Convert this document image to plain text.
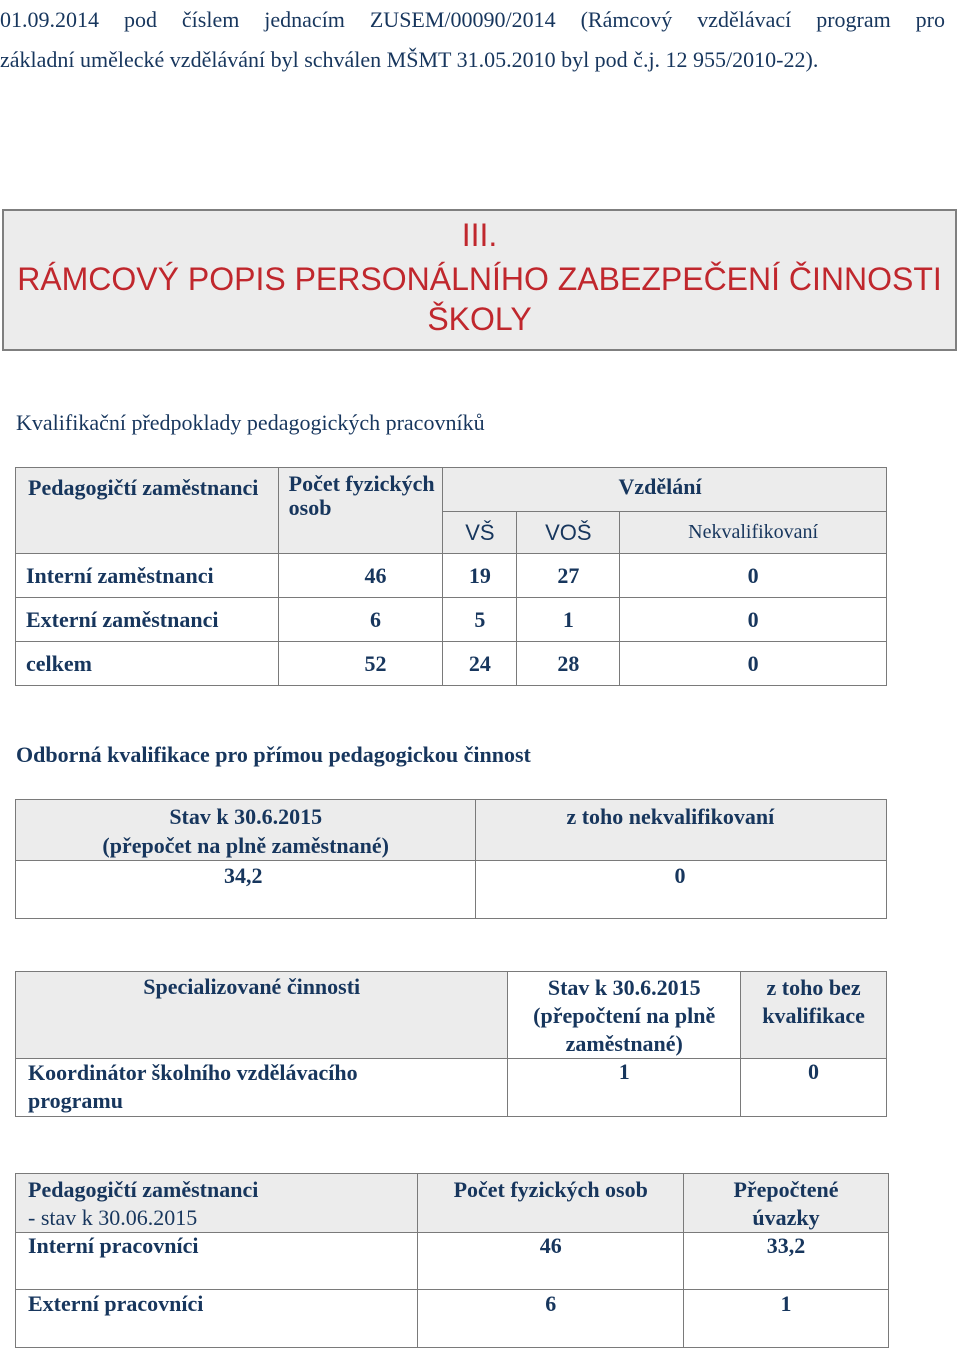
01.09.2014 pod číslem jednacím ZUSEM/00090/2014 (Rámcový vzdělávací program pro
základní umělecké vzdělávání byl schválen MŠMT 31.05.2010 byl pod č.j. 12 955/2010-22).
III.
RÁMCOVÝ POPIS PERSONÁLNÍHO ZABEZPEČENÍ ČINNOSTI
ŠKOLY
Kvalifikační předpoklady pedagogických pracovníků
Pedagogičtí zaměstnanci	Počet fyzických osob	Vzdělání		
		VŠ	VOŠ	Nekvalifikovaní
Interní zaměstnanci	46	19	27	0
Externí zaměstnanci	6	5	1	0
celkem	52	24	28	0
Odborná kvalifikace pro přímou pedagogickou činnost
Stav k 30.6.2015
(přepočet na plně zaměstnané)	z toho nekvalifikovaní
34,2	0
Specializované činnosti	Stav k 30.6.2015 (přepočtení na plně zaměstnané)	z toho bez kvalifikace
Koordinátor školního vzdělávacího programu	1	0
Pedagogičtí zaměstnanci
- stav k 30.06.2015	Počet fyzických osob	Přepočtené úvazky
Interní pracovníci	46	33,2
Externí pracovníci	6	1
